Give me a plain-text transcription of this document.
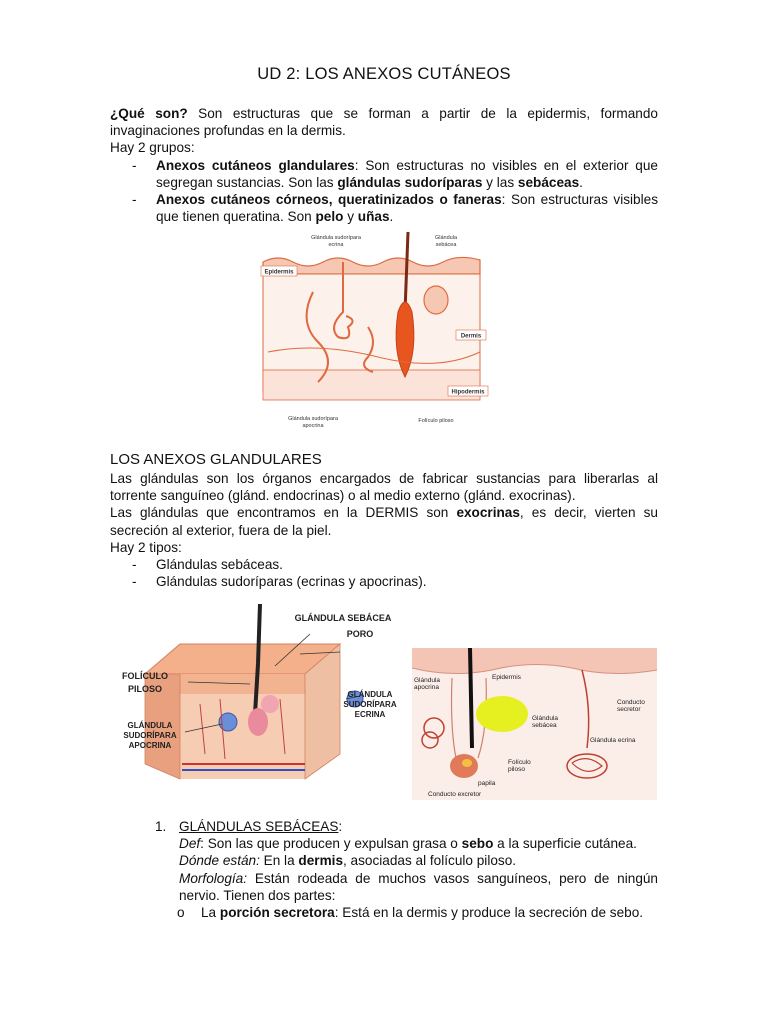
UD 2: LOS ANEXOS CUTÁNEOS

¿Qué son? Son estructuras que se forman a partir de la epidermis, formando invaginaciones profundas en la dermis.

Hay 2 grupos:

- Anexos cutáneos glandulares: Son estructuras no visibles en el exterior que segregan sustancias. Son las glándulas sudoríparas y las sebáceas.
- Anexos cutáneos córneos, queratinizados o faneras: Son estructuras visibles que tienen queratina. Son pelo y uñas.
Glándula sudorípara
ecrina
Glándula
sebácea
Epidermis
Dermis
Hipodermis
Glándula sudorípara
apocrina
Folículo piloso
LOS ANEXOS GLANDULARES

Las glándulas son los órganos encargados de fabricar sustancias para liberarlas al torrente sanguíneo (glánd. endocrinas) o al medio externo (glánd. exocrinas).

Las glándulas que encontramos en la DERMIS son exocrinas, es decir, vierten su secreción al exterior, fuera de la piel.

Hay 2 tipos:

- Glándulas sebáceas.
- Glándulas sudoríparas (ecrinas y apocrinas).
GLÁNDULA SEBÁCEA
PORO
FOLÍCULO
PILOSO
GLÁNDULA
SUDORÍPARA
ECRINA
GLÁNDULA
SUDORÍPARA
APOCRINA
Glándula
apocrina
Epidermis
Glándula
sebácea
Conducto
secretor
Glándula ecrina
Folículo
piloso
papila
Conducto excretor
1. GLÁNDULAS SEBÁCEAS:
Def: Son las que producen y expulsan grasa o sebo a la superficie cutánea.
Dónde están: En la dermis, asociadas al folículo piloso.
Morfología: Están rodeada de muchos vasos sanguíneos, pero de ningún nervio. Tienen dos partes:
o La porción secretora: Está en la dermis y produce la secreción de sebo.
